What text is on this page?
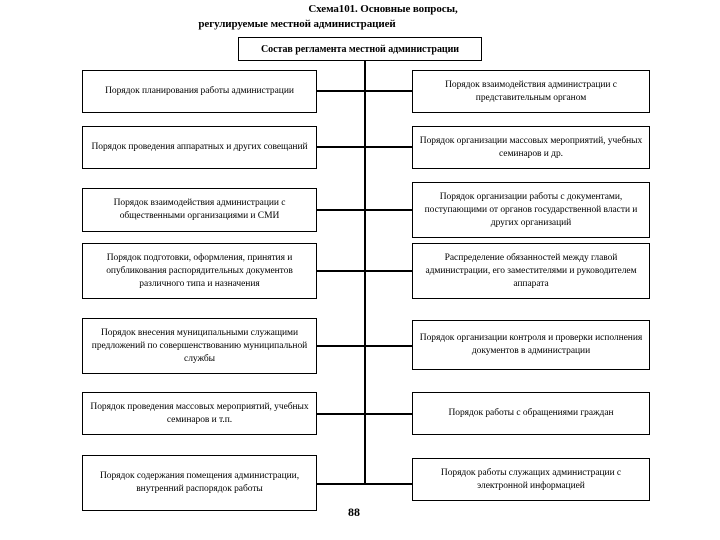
Схема101. Основные вопросы,
регулируемые местной администрацией
Состав регламента местной администрации
Порядок планирования работы администрации
Порядок взаимодействия администрации с представительным органом
Порядок проведения аппаратных и других совещаний
Порядок организации массовых мероприятий, учебных семинаров и др.
Порядок взаимодействия администрации с общественными организациями и СМИ
Порядок организации работы с документами, поступающими от органов государственной власти и других организаций
Порядок подготовки, оформления, принятия и опубликования распорядительных документов различного типа и назначения
Распределение обязанностей между главой администрации, его заместителями и руководителем аппарата
Порядок внесения муниципальными служащими предложений по совершенствованию муниципальной службы
Порядок организации контроля и проверки исполнения документов в администрации
Порядок проведения массовых мероприятий, учебных семинаров и т.п.
Порядок работы с обращениями граждан
Порядок содержания помещения администрации, внутренний распорядок работы
Порядок работы служащих администрации с электронной информацией
88
